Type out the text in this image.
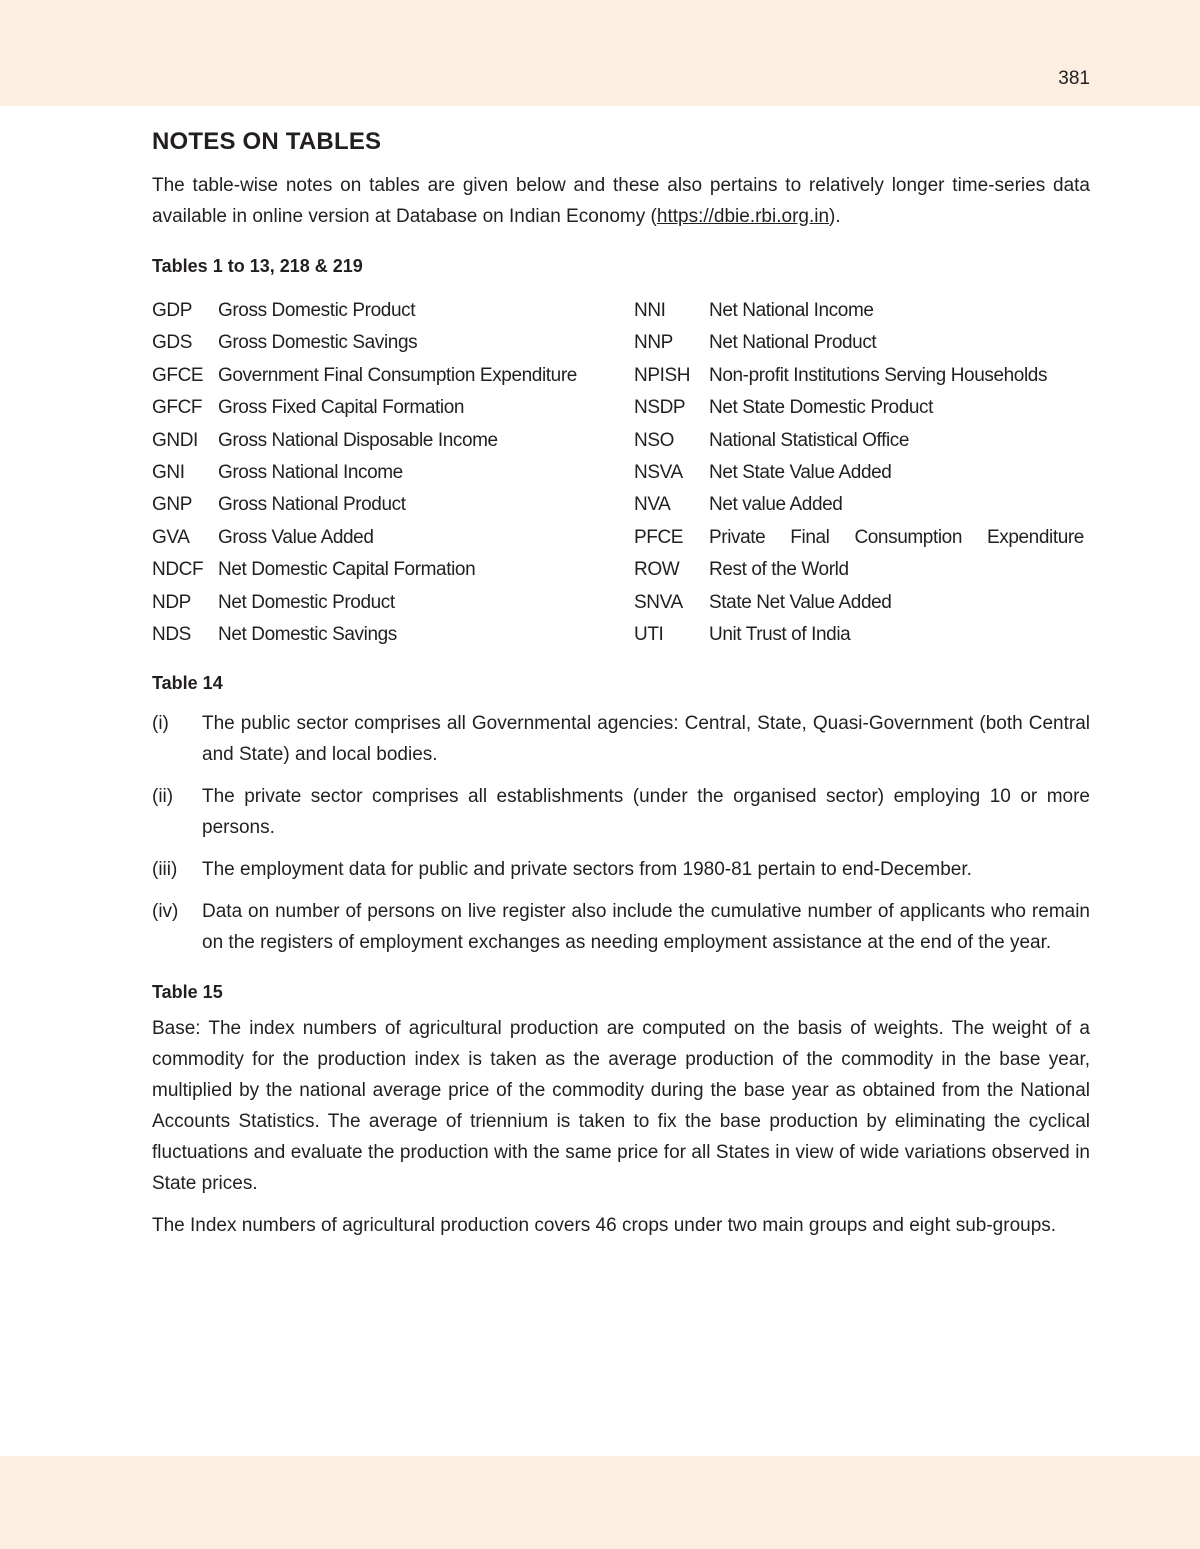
381
NOTES ON TABLES

The table-wise notes on tables are given below and these also pertains to relatively longer time-series data available in online version at Database on Indian Economy (https://dbie.rbi.org.in).

Tables 1 to 13, 218 & 219
GDP	Gross Domestic Product	NNI	Net National Income
GDS	Gross Domestic Savings	NNP	Net National Product
GFCE Government Final Consumption Expenditure	NPISH Non-profit Institutions Serving Households
GFCF Gross Fixed Capital Formation	NSDP	Net State Domestic Product
GNDI	Gross National Disposable Income	NSO	National Statistical Office
GNI	Gross National Income	NSVA	Net State Value Added
GNP	Gross National Product	NVA	Net value Added
GVA	Gross Value Added	PFCE	Private Final Consumption Expenditure
NDCF Net Domestic Capital Formation	ROW	Rest of the World
NDP	Net Domestic Product	SNVA	State Net Value Added
NDS	Net Domestic Savings	UTI	Unit Trust of India
Table 14
(i)	The public sector comprises all Governmental agencies: Central, State, Quasi-Government (both Central and State) and local bodies.
(ii)	The private sector comprises all establishments (under the organised sector) employing 10 or more persons.
(iii)	The employment data for public and private sectors from 1980-81 pertain to end-December.
(iv)	Data on number of persons on live register also include the cumulative number of applicants who remain on the registers of employment exchanges as needing employment assistance at the end of the year.
Table 15

Base: The index numbers of agricultural production are computed on the basis of weights. The weight of a commodity for the production index is taken as the average production of the commodity in the base year, multiplied by the national average price of the commodity during the base year as obtained from the National Accounts Statistics. The average of triennium is taken to fix the base production by eliminating the cyclical fluctuations and evaluate the production with the same price for all States in view of wide variations observed in State prices.

The Index numbers of agricultural production covers 46 crops under two main groups and eight sub-groups.
